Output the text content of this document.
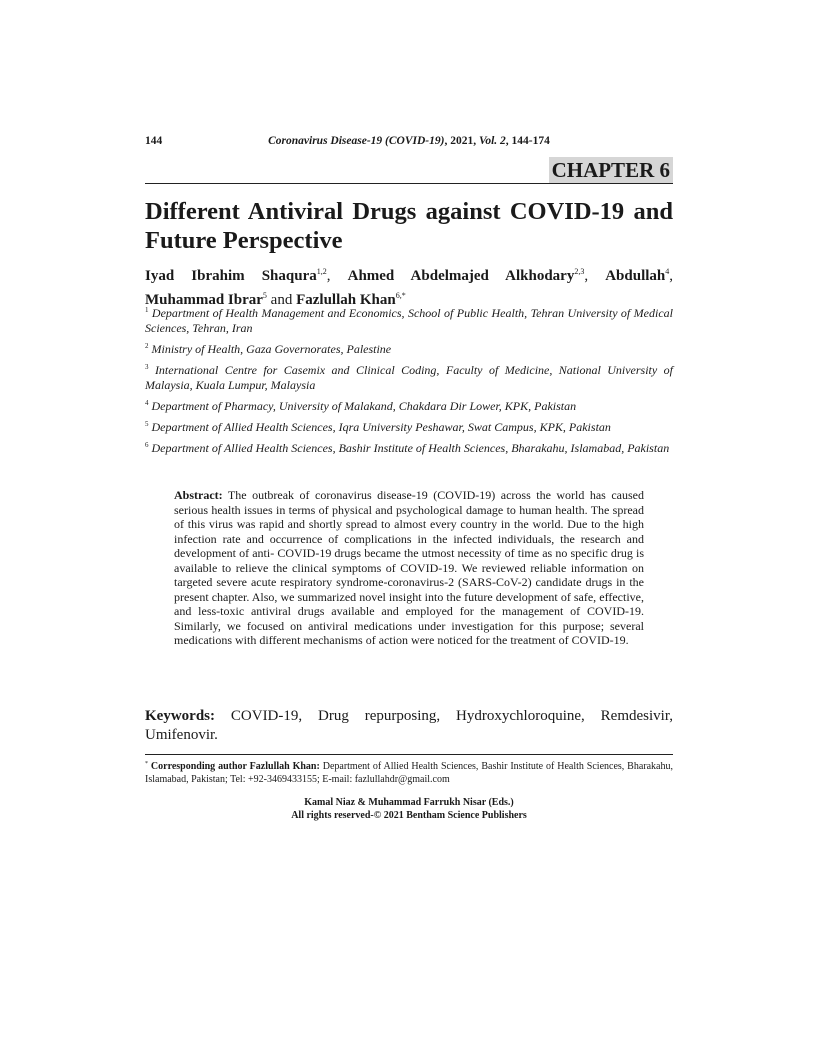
144	Coronavirus Disease-19 (COVID-19), 2021, Vol. 2, 144-174
CHAPTER 6
Different Antiviral Drugs against COVID-19 and Future Perspective
Iyad Ibrahim Shaqura$^{1,2}$, Ahmed Abdelmajed Alkhodary$^{2,3}$, Abdullah$^4$, Muhammad Ibrar$^5$ and Fazlullah Khan$^{6,*}$
$^1$ Department of Health Management and Economics, School of Public Health, Tehran University of Medical Sciences, Tehran, Iran
$^2$ Ministry of Health, Gaza Governorates, Palestine
$^3$ International Centre for Casemix and Clinical Coding, Faculty of Medicine, National University of Malaysia, Kuala Lumpur, Malaysia
$^4$ Department of Pharmacy, University of Malakand, Chakdara Dir Lower, KPK, Pakistan
$^5$ Department of Allied Health Sciences, Iqra University Peshawar, Swat Campus, KPK, Pakistan
$^6$ Department of Allied Health Sciences, Bashir Institute of Health Sciences, Bharakahu, Islamabad, Pakistan
Abstract: The outbreak of coronavirus disease-19 (COVID-19) across the world has caused serious health issues in terms of physical and psychological damage to human health. The spread of this virus was rapid and shortly spread to almost every country in the world. Due to the high infection rate and occurrence of complications in the infected individuals, the research and development of anti- COVID-19 drugs became the utmost necessity of time as no specific drug is available to relieve the clinical symptoms of COVID-19. We reviewed reliable information on targeted severe acute respiratory syndrome-coronavirus-2 (SARS-CoV-2) candidate drugs in the present chapter. Also, we summarized novel insight into the future development of safe, effective, and less-toxic antiviral drugs available and employed for the management of COVID-19. Similarly, we focused on antiviral medications under investigation for this purpose; several medications with different mechanisms of action were noticed for the treatment of COVID-19.
Keywords: COVID-19, Drug repurposing, Hydroxychloroquine, Remdesivir, Umifenovir.
* Corresponding author Fazlullah Khan: Department of Allied Health Sciences, Bashir Institute of Health Sciences, Bharakahu, Islamabad, Pakistan; Tel: +92-3469433155; E-mail: fazlullahdr@gmail.com
Kamal Niaz & Muhammad Farrukh Nisar (Eds.)
All rights reserved-© 2021 Bentham Science Publishers
